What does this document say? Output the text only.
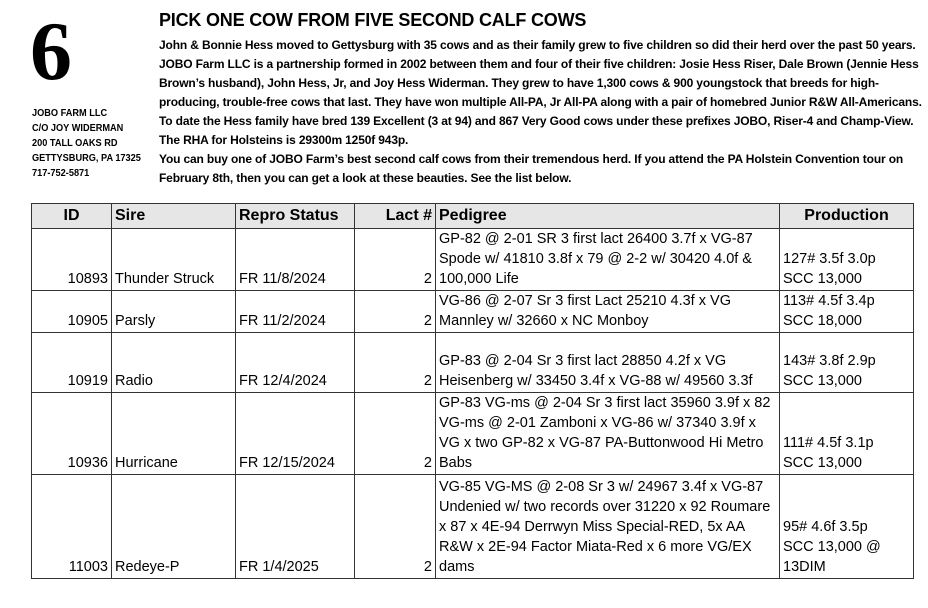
6
JOBO FARM LLC
C/O JOY WIDERMAN
200 TALL OAKS RD
GETTYSBURG, PA 17325
717-752-5871
PICK ONE COW FROM FIVE SECOND CALF COWS

John & Bonnie Hess moved to Gettysburg with 35 cows and as their family grew to five children so did their herd over the past 50 years. JOBO Farm LLC is a partnership formed in 2002 between them and four of their five children: Josie Hess Riser, Dale Brown (Jennie Hess Brown’s husband), John Hess, Jr, and Joy Hess Widerman. They grew to have 1,300 cows & 900 youngstock that breeds for high-producing, trouble-free cows that last. They have won multiple All-PA, Jr All-PA along with a pair of homebred Junior R&W All-Americans. To date the Hess family have bred 139 Excellent (3 at 94) and 867 Very Good cows under these prefixes JOBO, Riser-4 and Champ-View. The RHA for Holsteins is 29300m 1250f 943p.

You can buy one of JOBO Farm’s best second calf cows from their tremendous herd. If you attend the PA Holstein Convention tour on February 8th, then you can get a look at these beauties. See the list below.

ID	Sire	Repro Status	Lact #	Pedigree	Production
10893	Thunder Struck	FR 11/8/2024	2	GP-82 @ 2-01 SR 3 first lact 26400 3.7f x VG-87 Spode w/ 41810 3.8f x 79 @ 2-2 w/ 30420 4.0f & 100,000 Life	127# 3.5f 3.0p
SCC 13,000

10905	Parsly	FR 11/2/2024	2	VG-86 @ 2-07 Sr 3 first Lact 25210 4.3f x VG Mannley w/ 32660 x NC Monboy	113# 4.5f 3.4p
SCC 18,000

10919	Radio	FR 12/4/2024	2	GP-83 @ 2-04 Sr 3 first lact 28850 4.2f x VG Heisenberg w/ 33450 3.4f x VG-88 w/ 49560 3.3f	143# 3.8f 2.9p
SCC 13,000

10936	Hurricane	FR 12/15/2024	2	GP-83 VG-ms @ 2-04 Sr 3 first lact 35960 3.9f x 82 VG-ms @ 2-01 Zamboni x VG-86 w/ 37340 3.9f x VG x two GP-82 x VG-87 PA-Buttonwood Hi Metro Babs	111# 4.5f 3.1p
SCC 13,000

11003	Redeye-P	FR 1/4/2025	2	VG-85 VG-MS @ 2-08 Sr 3 w/ 24967 3.4f x VG-87 Undenied w/ two records over 31220 x 92 Roumare x 87 x 4E-94 Derrwyn Miss Special-RED, 5x AA R&W x 2E-94 Factor Miata-Red x 6 more VG/EX dams	95# 4.6f 3.5p
SCC 13,000 @ 13DIM
